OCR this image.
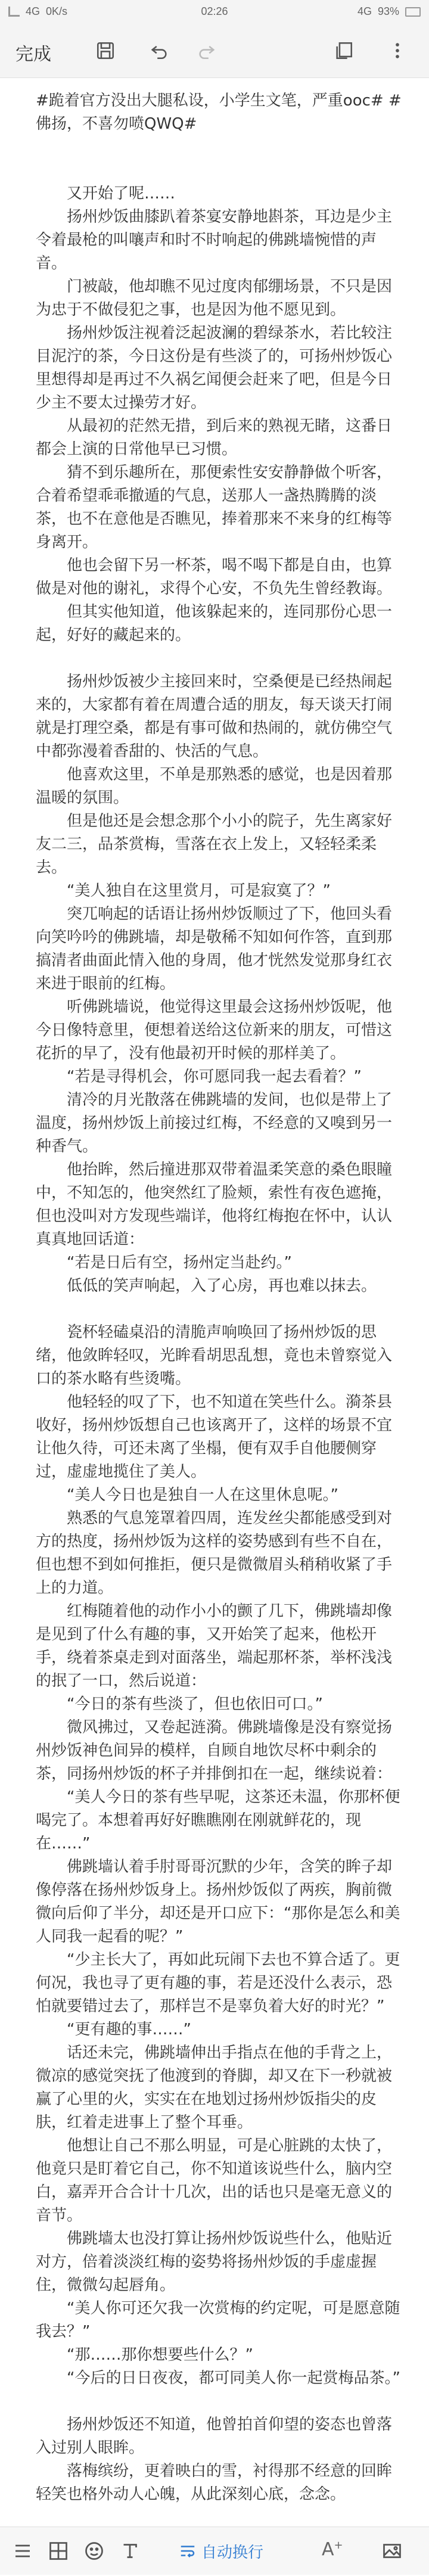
4G 0K/s	02:26	4G 93%
完成

#跪着官方没出大腿私设，小学生文笔，严重ooc# #佛扬，不喜勿喷QWQ#

又开始了呢……

扬州炒饭曲膝趴着茶宴安静地斟茶，耳边是少主令着最枪的叫嚷声和时不时响起的佛跳墙惋惜的声音。

门被敲，他却瞧不见过度肉郁绷场景，不只是因为忠于不做侵犯之事，也是因为他不愿见到。

扬州炒饭注视着泛起波澜的碧绿茶水，若比较注目泥泞的茶，今日这份是有些淡了的，可扬州炒饭心里想得却是再过不久祸乞闻便会赶来了吧，但是今日少主不要太过操劳才好。

从最初的茫然无措，到后来的熟视无睹，这番日都会上演的日常他早已习惯。

猜不到乐趣所在，那便索性安安静静做个听客，合着希望乖乖撤遁的气息，送那人一盏热腾腾的淡茶，也不在意他是否瞧见，捧着那来不来身的红梅等身离开。

他也会留下另一杯茶，喝不喝下都是自由，也算做是对他的谢礼，求得个心安，不负先生曾经教诲。

但其实他知道，他该躲起来的，连同那份心思一起，好好的藏起来的。

扬州炒饭被少主接回来时，空桑便是已经热闹起来的，大家都有着在周遭合适的朋友，每天谈天打闹就是打理空桑，都是有事可做和热闹的，就仿佛空气中都弥漫着香甜的、快活的气息。

他喜欢这里，不单是那熟悉的感觉，也是因着那温暖的氛围。

但是他还是会想念那个小小的院子，先生离家好友二三，品茶赏梅，雪落在衣上发上，又轻轻柔柔去。

“美人独自在这里赏月，可是寂寞了？”

突兀响起的话语让扬州炒饭顺过了下，他回头看向笑吟吟的佛跳墙，却是敬稀不知如何作答，直到那搞清者曲面此情入他的身周，他才恍然发觉那身红衣来进于眼前的红梅。

听佛跳墙说，他觉得这里最会这扬州炒饭呢，他今日像特意里，便想着送给这位新来的朋友，可惜这花折的早了，没有他最初开时候的那样美了。

“若是寻得机会，你可愿同我一起去看着？”

清冷的月光散落在佛跳墙的发间，也似是带上了温度，扬州炒饭上前接过红梅，不经意的又嗅到另一种香气。

他抬眸，然后撞进那双带着温柔笑意的桑色眼瞳中，不知怎的，他突然红了脸颊，索性有夜色遮掩，但也没叫对方发现些端详，他将红梅抱在怀中，认认真真地回话道：

“若是日后有空，扬州定当赴约。”

低低的笑声响起，入了心房，再也难以抹去。

瓷杯轻磕桌沿的清脆声响唤回了扬州炒饭的思绪，他敛眸轻叹，光眸看胡思乱想，竟也未曾察觉入口的茶水略有些烫嘴。

他轻轻的叹了下，也不知道在笑些什么。漪茶县收好，扬州炒饭想自己也该离开了，这样的场景不宜让他久待，可还未离了坐榻，便有双手自他腰侧穿过，虚虚地揽住了美人。

“美人今日也是独自一人在这里休息呢。”

熟悉的气息笼罩着四周，连发丝尖都能感受到对方的热度，扬州炒饭为这样的姿势感到有些不自在，但也想不到如何推拒，便只是微微眉头稍稍收紧了手上的力道。

红梅随着他的动作小小的颤了几下，佛跳墙却像是见到了什么有趣的事，又开始笑了起来，他松开手，绕着茶桌走到对面落坐，端起那杯茶，举杯浅浅的抿了一口，然后说道：

“今日的茶有些淡了，但也依旧可口。”

微风拂过，又卷起涟漪。佛跳墙像是没有察觉扬州炒饭神色间异的模样，自顾自地饮尽杯中剩余的茶，同扬州炒饭的杯子并排倒扣在一起，继续说着：

“美人今日的茶有些早呢，这茶还未温，你那杯便喝完了。本想着再好好瞧瞧刚在刚就鲜花的，现在……”

佛跳墙认着手肘哥哥沉默的少年，含笑的眸子却像停落在扬州炒饭身上。扬州炒饭似了两疾，胸前微微向后仰了半分，却还是开口应下：“那你是怎么和美人同我一起看的呢？”

“少主长大了，再如此玩闹下去也不算合适了。更何况，我也寻了更有趣的事，若是还没什么表示，恐怕就要错过去了，那样岂不是辜负着大好的时光？”

“更有趣的事……”

话还未完，佛跳墙伸出手指点在他的手背之上，微凉的感觉突抚了他渡到的脊脚，却又在下一秒就被赢了心里的火，实实在在地划过扬州炒饭指尖的皮肤，红着走进事上了整个耳垂。

他想让自己不那么明显，可是心脏跳的太快了，他竟只是盯着它自己，你不知道该说些什么，脑内空白，嘉弄开合合计十几次，出的话也只是毫无意义的音节。

佛跳墙太也没打算让扬州炒饭说些什么，他贴近对方，倍着淡淡红梅的姿势将扬州炒饭的手虚虚握住，微微勾起唇角。

“美人你可还欠我一次赏梅的约定呢，可是愿意随我去？”

“那……那你想要些什么？”

“今后的日日夜夜，都可同美人你一起赏梅品茶。”

扬州炒饭还不知道，他曾拍首仰望的姿态也曾落入过别人眼眸。

落梅缤纷，更着映白的雪，衬得那不经意的回眸轻笑也格外动人心魄，从此深刻心底，念念。

自动换行	A+
